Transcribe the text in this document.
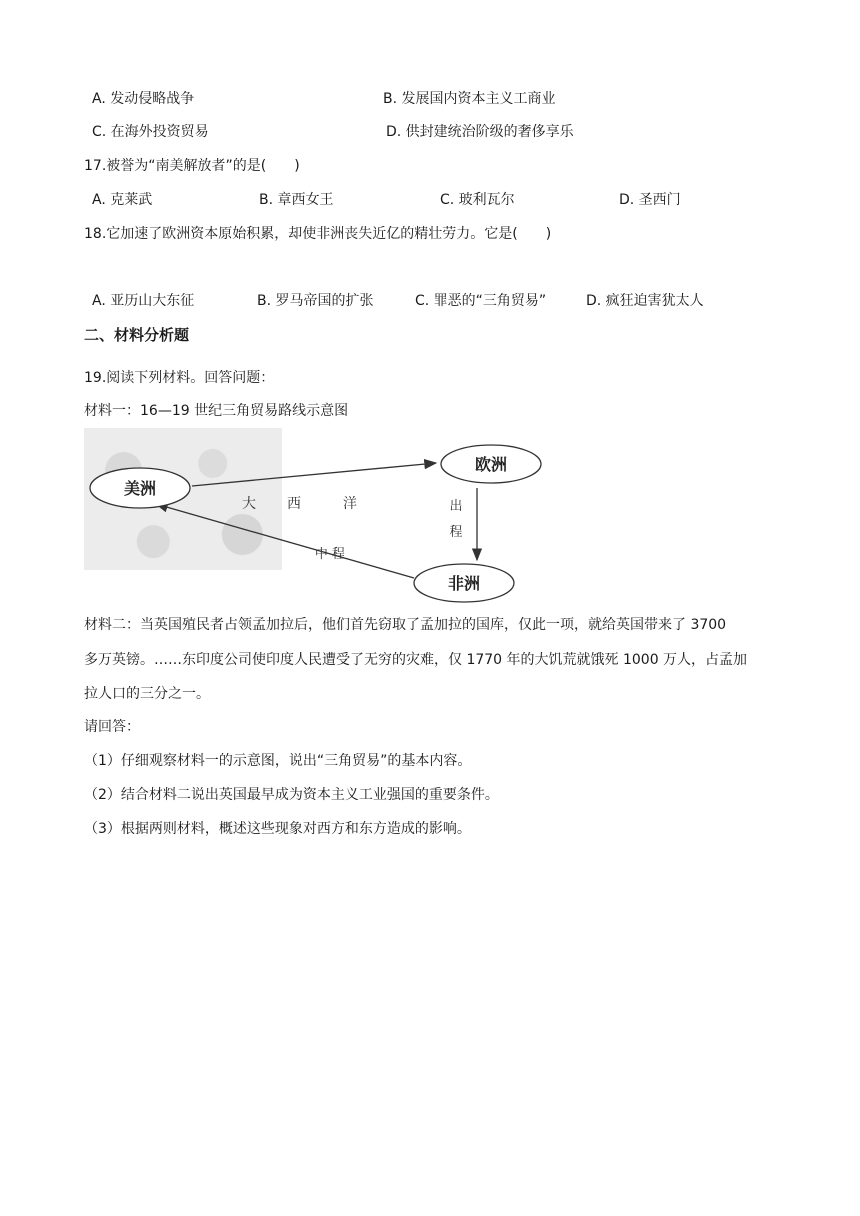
A. 发动侵略战争	B. 发展国内资本主义工商业
C. 在海外投资贸易	D. 供封建统治阶级的奢侈享乐
17.被誉为“南美解放者”的是(　　)
A. 克莱武	B. 章西女王	C. 玻利瓦尔	D. 圣西门
18.它加速了欧洲资本原始积累，却使非洲丧失近亿的精壮劳力。它是(　　)
A. 亚历山大东征	B. 罗马帝国的扩张	C. 罪恶的“三角贸易”	D. 疯狂迫害犹太人
二、材料分析题
19.阅读下列材料。回答问题：
材料一：16—19 世纪三角贸易路线示意图
美洲
欧洲
非洲
大 西	洋	出
程
中 程
材料二：当英国殖民者占领孟加拉后，他们首先窃取了孟加拉的国库，仅此一项，就给英国带来了 3700
多万英镑。……东印度公司使印度人民遭受了无穷的灾难，仅 1770 年的大饥荒就饿死 1000 万人，占孟加
拉人口的三分之一。
请回答：
（1）仔细观察材料一的示意图，说出“三角贸易”的基本内容。
（2）结合材料二说出英国最早成为资本主义工业强国的重要条件。
（3）根据两则材料，概述这些现象对西方和东方造成的影响。
